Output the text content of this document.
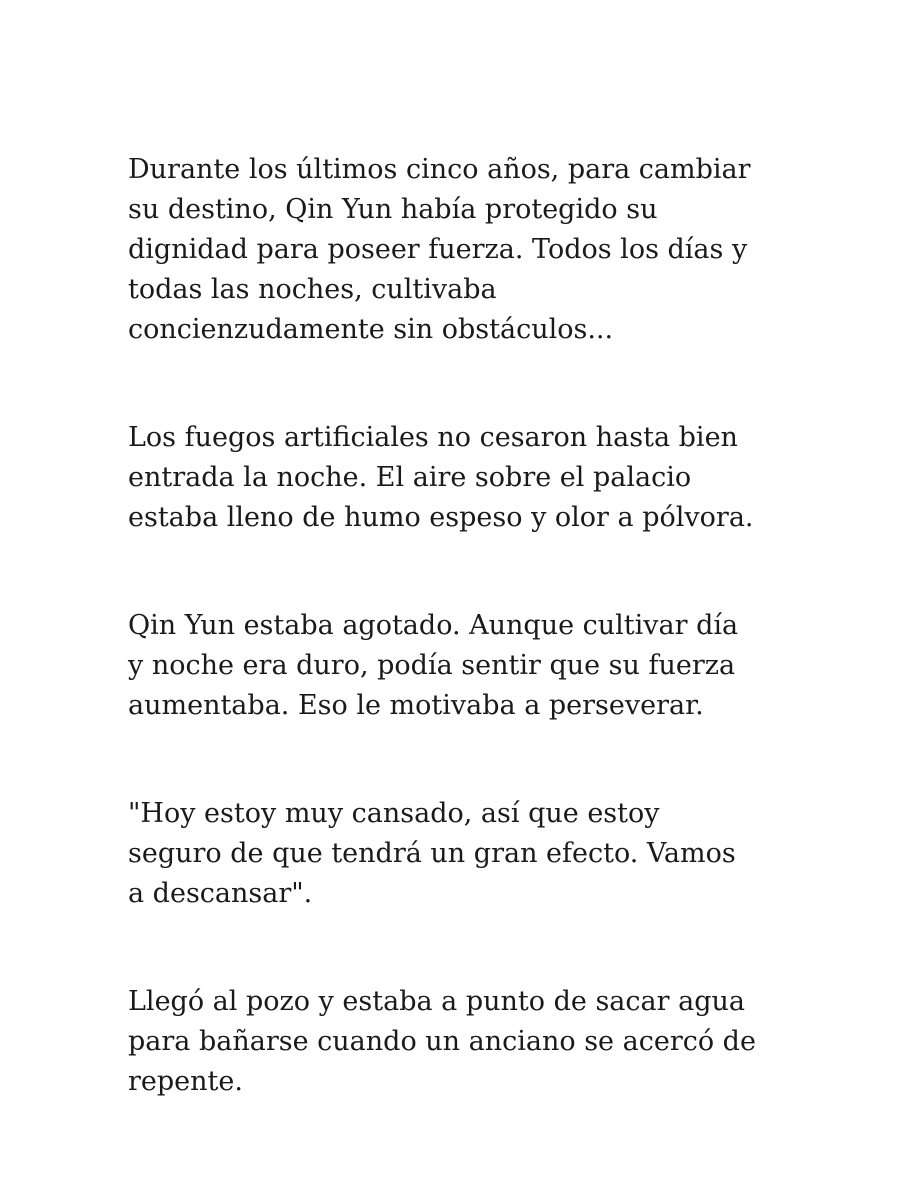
Durante los últimos cinco años, para cambiar
su destino, Qin Yun había protegido su
dignidad para poseer fuerza. Todos los días y
todas las noches, cultivaba
concienzudamente sin obstáculos...

Los fuegos artificiales no cesaron hasta bien
entrada la noche. El aire sobre el palacio
estaba lleno de humo espeso y olor a pólvora.

Qin Yun estaba agotado. Aunque cultivar día
y noche era duro, podía sentir que su fuerza
aumentaba. Eso le motivaba a perseverar.

"Hoy estoy muy cansado, así que estoy
seguro de que tendrá un gran efecto. Vamos
a descansar".

Llegó al pozo y estaba a punto de sacar agua
para bañarse cuando un anciano se acercó de
repente.
